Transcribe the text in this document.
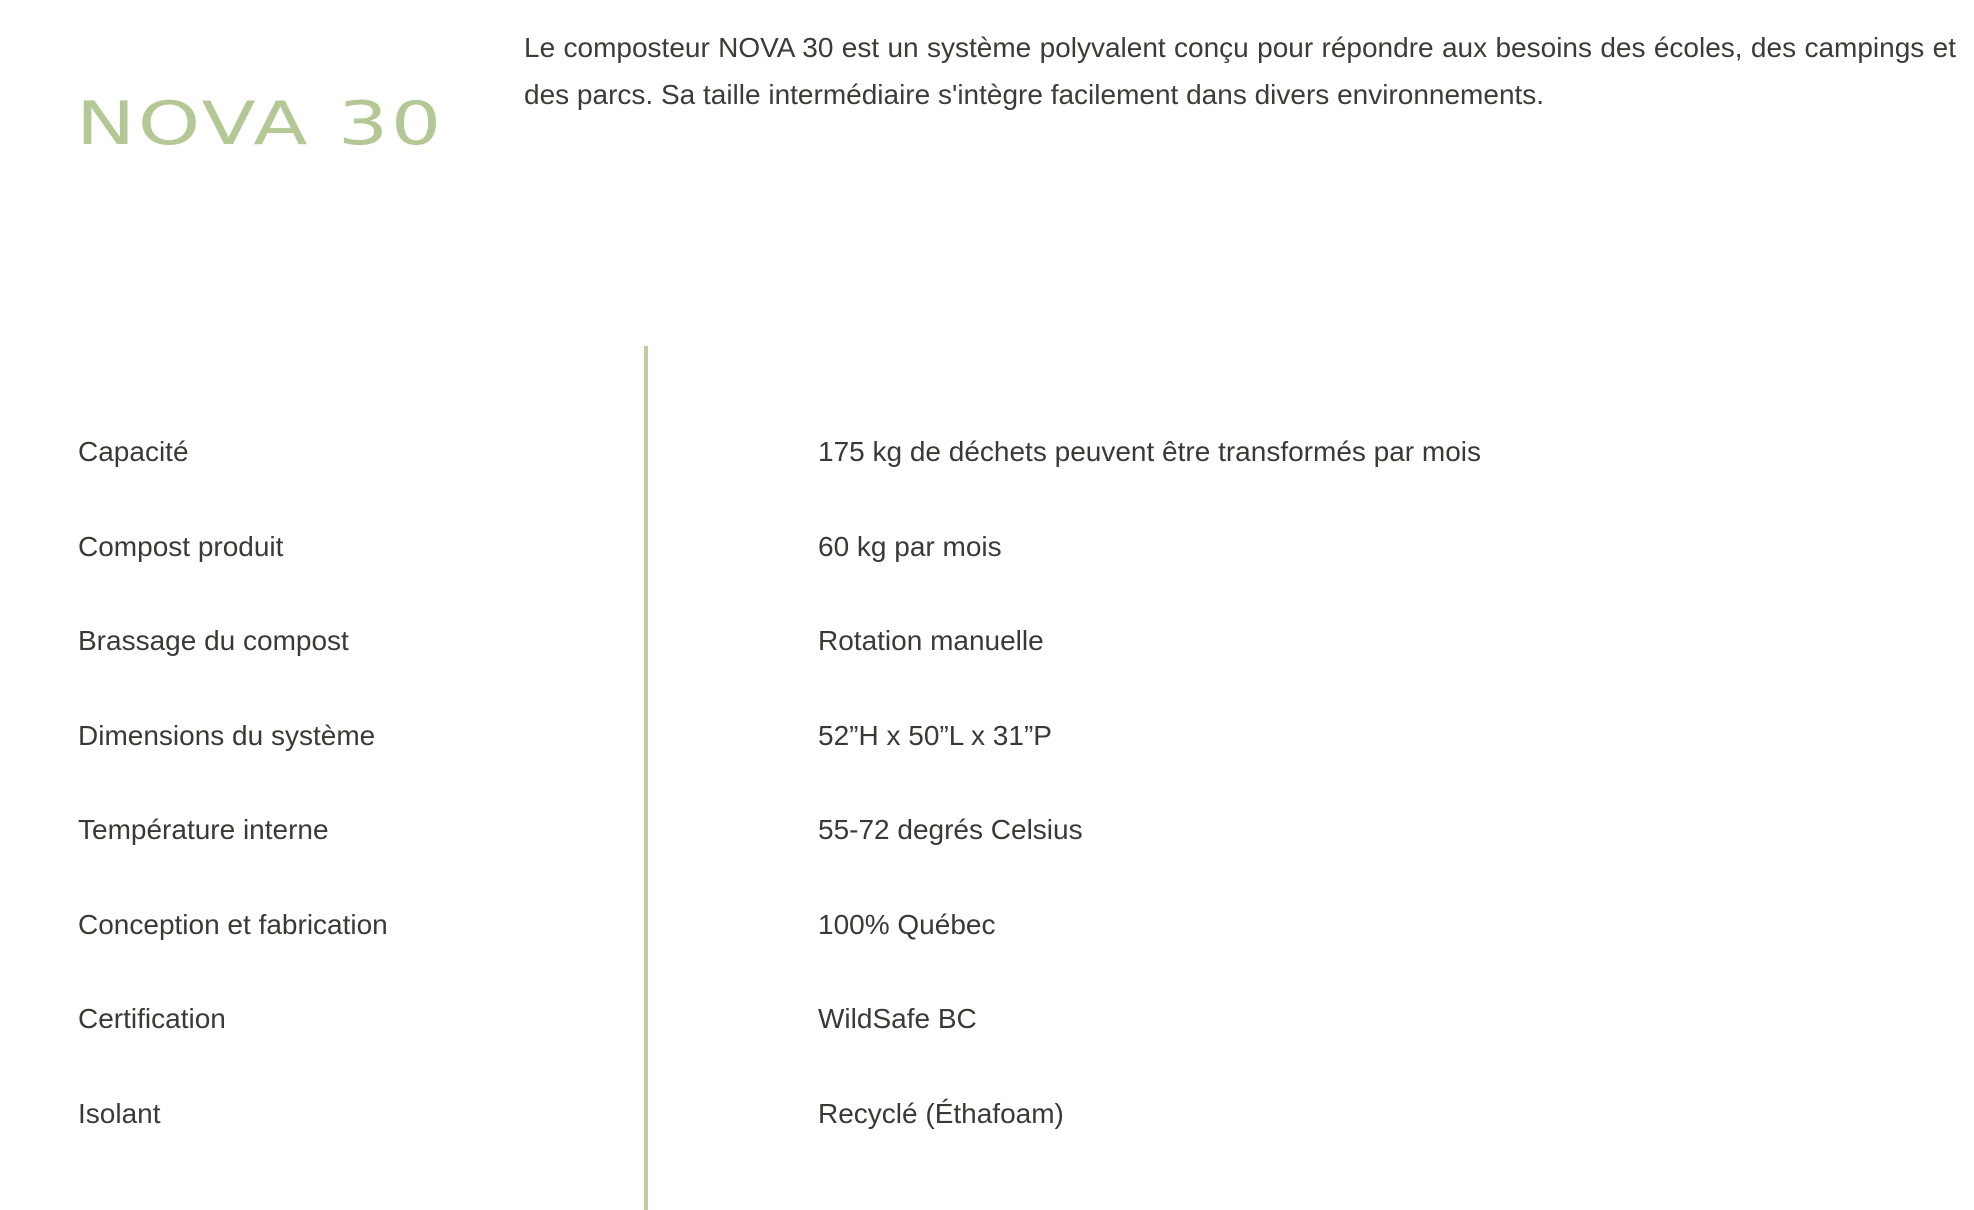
NOVA 30

Le composteur NOVA 30 est un système polyvalent conçu pour répondre aux besoins des écoles, des campings et des parcs. Sa taille intermédiaire s'intègre facilement dans divers environnements.

Capacité	175 kg de déchets peuvent être transformés par mois
Compost produit	60 kg par mois
Brassage du compost	Rotation manuelle
Dimensions du système	52”H x 50”L x 31”P
Température interne	55-72 degrés Celsius
Conception et fabrication	100% Québec
Certification	WildSafe BC
Isolant	Recyclé (Éthafoam)
